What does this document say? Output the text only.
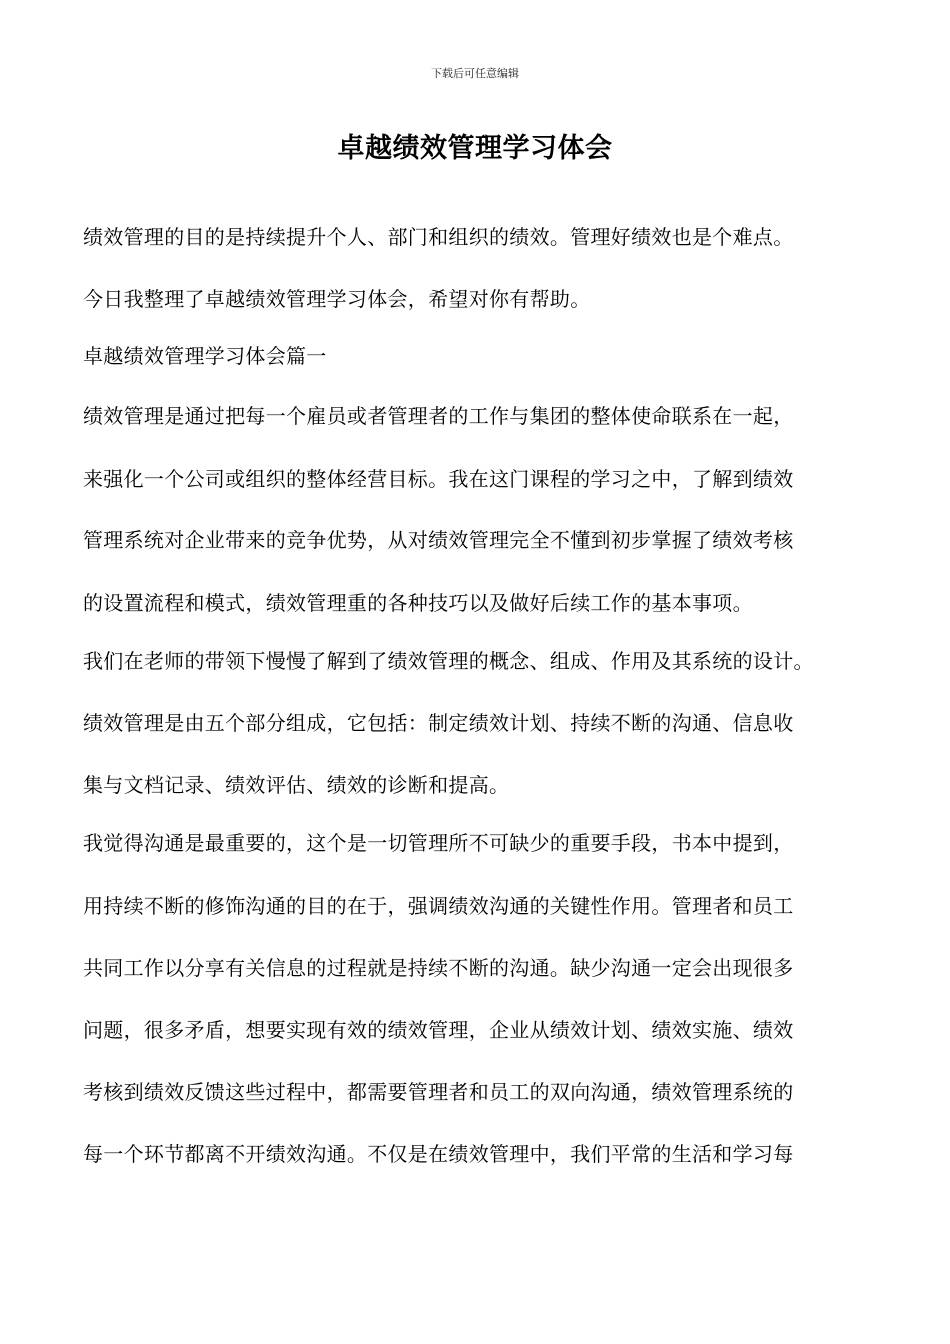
下载后可任意编辑
卓越绩效管理学习体会
绩效管理的目的是持续提升个人、部门和组织的绩效。管理好绩效也是个难点。
今日我整理了卓越绩效管理学习体会，希望对你有帮助。
卓越绩效管理学习体会篇一
绩效管理是通过把每一个雇员或者管理者的工作与集团的整体使命联系在一起，
来强化一个公司或组织的整体经营目标。我在这门课程的学习之中，了解到绩效
管理系统对企业带来的竞争优势，从对绩效管理完全不懂到初步掌握了绩效考核
的设置流程和模式，绩效管理重的各种技巧以及做好后续工作的基本事项。
我们在老师的带领下慢慢了解到了绩效管理的概念、组成、作用及其系统的设计。
绩效管理是由五个部分组成，它包括：制定绩效计划、持续不断的沟通、信息收
集与文档记录、绩效评估、绩效的诊断和提高。
我觉得沟通是最重要的，这个是一切管理所不可缺少的重要手段，书本中提到，
用持续不断的修饰沟通的目的在于，强调绩效沟通的关键性作用。管理者和员工
共同工作以分享有关信息的过程就是持续不断的沟通。缺少沟通一定会出现很多
问题，很多矛盾，想要实现有效的绩效管理，企业从绩效计划、绩效实施、绩效
考核到绩效反馈这些过程中，都需要管理者和员工的双向沟通，绩效管理系统的
每一个环节都离不开绩效沟通。不仅是在绩效管理中，我们平常的生活和学习每
